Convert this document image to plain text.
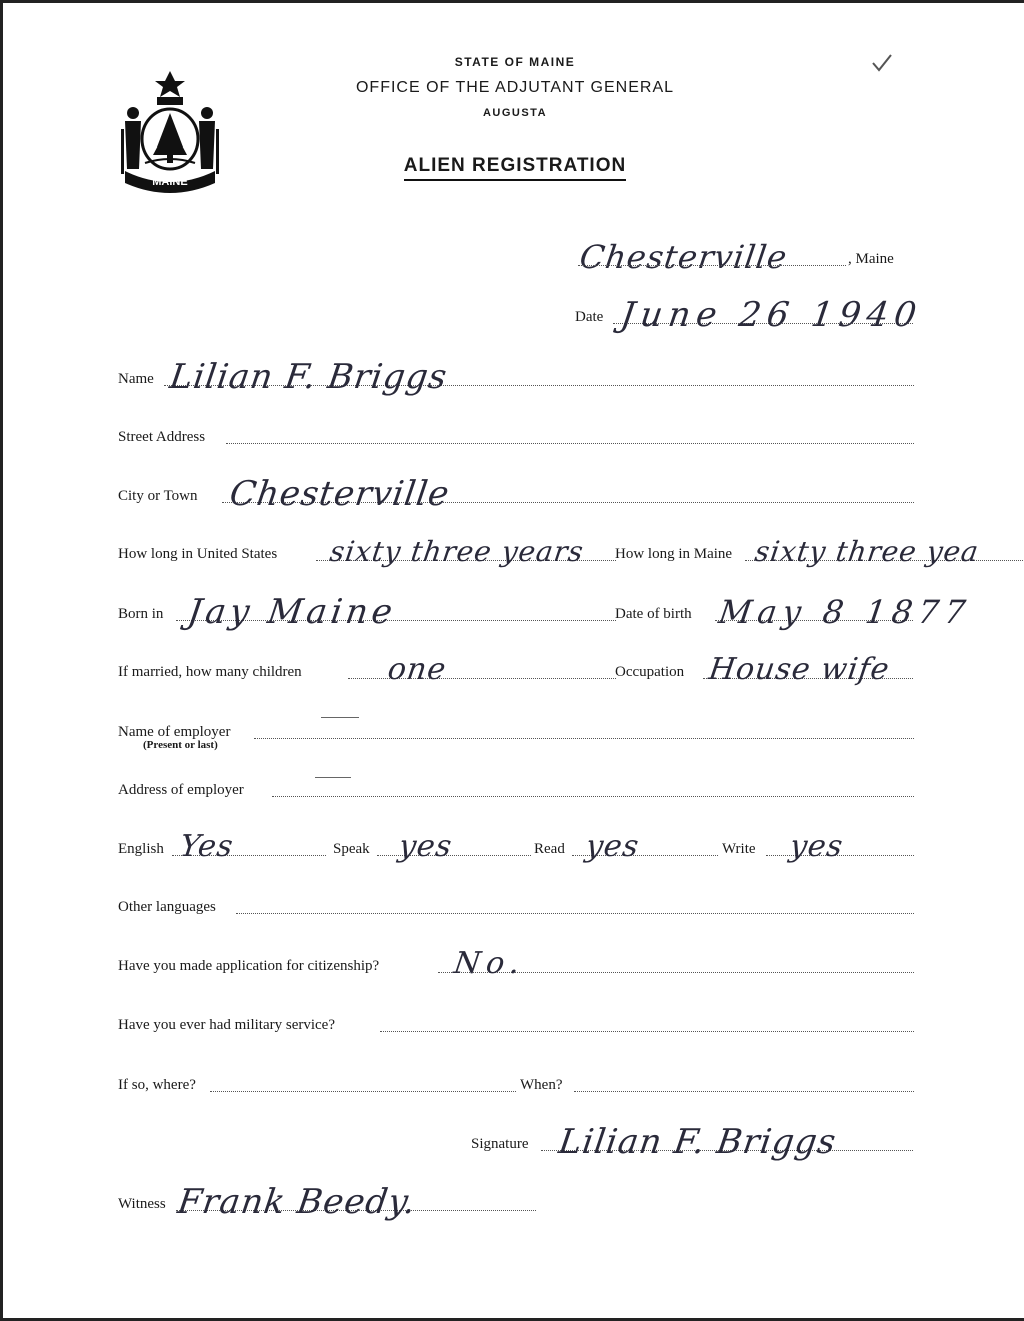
MAINE
STATE OF MAINE
OFFICE OF THE ADJUTANT GENERAL
AUGUSTA
ALIEN REGISTRATION
Chesterville	, Maine
Date June 26 1940
Name Lilian F. Briggs
Street Address
City or Town Chesterville
How long in United States sixty three years How long in Maine sixty three yea
Born in Jay Maine	Date of birth May 8 1877
If married, how many children	one	Occupation House wife
Name of employer
(Present or last)
Address of employer
English Yes	Speak yes	Read yes	Write yes
Other languages
Have you made application for citizenship? No.
Have you ever had military service?
If so, where?	When?
Signature Lilian F. Briggs
Witness Frank Beedy.
